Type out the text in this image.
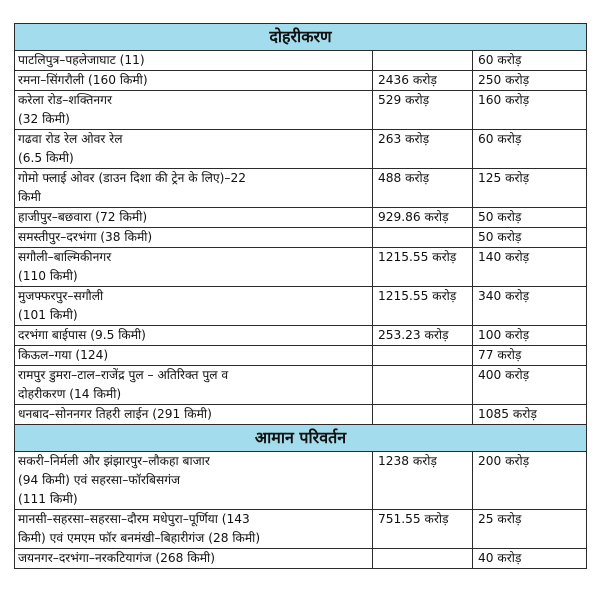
दोहरीकरण		

पाटलिपुत्र–पहलेजाघाट (11)		60 करोड़

रमना–सिंगरौली (160 किमी)	2436 करोड़	250 करोड़

करेला रोड–शक्तिनगर
(32 किमी)	529 करोड़	160 करोड़

गढवा रोड रेल ओवर रेल
(6.5 किमी)	263 करोड़	60 करोड़

गोमो फ्लाई ओवर (डाउन दिशा की ट्रेन के लिए)–22
किमी	488 करोड़	125 करोड़

हाजीपुर–बछवारा (72 किमी)	929.86 करोड़	50 करोड़

समस्तीपुर–दरभंगा (38 किमी)		50 करोड़

सगौली–बाल्मिकीनगर
(110 किमी)	1215.55 करोड़	140 करोड़

मुजफ्फरपुर–सगौली
(101 किमी)	1215.55 करोड़	340 करोड़

दरभंगा बाईपास (9.5 किमी)	253.23 करोड़	100 करोड़

किऊल–गया (124)		77 करोड़

रामपुर डुमरा–टाल–राजेंद्र पुल – अतिरिक्त पुल व
दोहरीकरण (14 किमी)		400 करोड़

धनबाद–सोननगर तिहरी लाईन (291 किमी)		1085 करोड़
आमान परिवर्तन		

सकरी–निर्मली और झंझारपुर–लौकहा बाजार
(94 किमी) एवं सहरसा–फॉरबिसगंज
(111 किमी)	1238 करोड़	200 करोड़

मानसी–सहरसा–सहरसा–दौरम मधेपुरा–पूर्णिया (143
किमी) एवं एमएम फॉर बनमंखी–बिहारीगंज (28 किमी)	751.55 करोड़	25 करोड़

जयनगर–दरभंगा–नरकटियागंज (268 किमी)		40 करोड़
